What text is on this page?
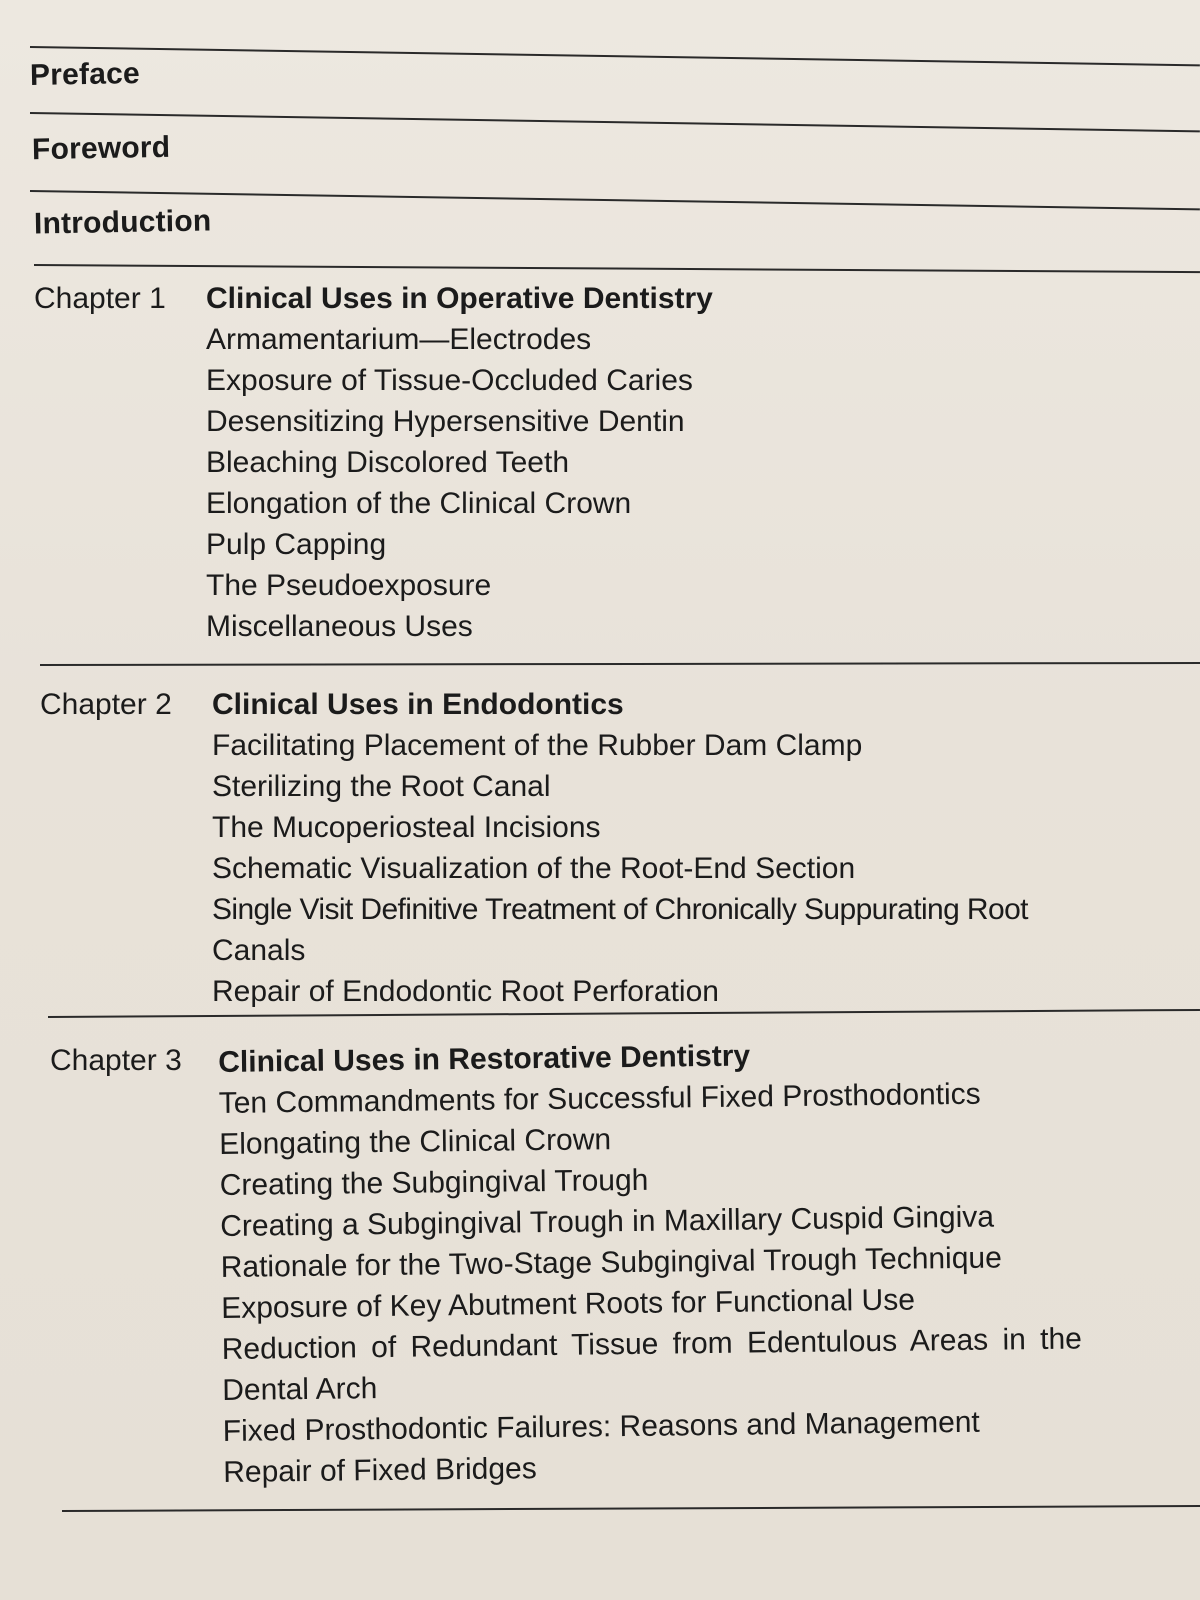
Preface
Foreword
Introduction
Chapter 1 Clinical Uses in Operative Dentistry
Armamentarium—Electrodes
Exposure of Tissue-Occluded Caries
Desensitizing Hypersensitive Dentin
Bleaching Discolored Teeth
Elongation of the Clinical Crown
Pulp Capping
The Pseudoexposure
Miscellaneous Uses
Chapter 2 Clinical Uses in Endodontics
Facilitating Placement of the Rubber Dam Clamp
Sterilizing the Root Canal
The Mucoperiosteal Incisions
Schematic Visualization of the Root-End Section
Single Visit Definitive Treatment of Chronically Suppurating Root
Canals
Repair of Endodontic Root Perforation
Chapter 3 Clinical Uses in Restorative Dentistry
Ten Commandments for Successful Fixed Prosthodontics
Elongating the Clinical Crown
Creating the Subgingival Trough
Creating a Subgingival Trough in Maxillary Cuspid Gingiva
Rationale for the Two-Stage Subgingival Trough Technique
Exposure of Key Abutment Roots for Functional Use
Reduction of Redundant Tissue from Edentulous Areas in the
Dental Arch
Fixed Prosthodontic Failures: Reasons and Management
Repair of Fixed Bridges
